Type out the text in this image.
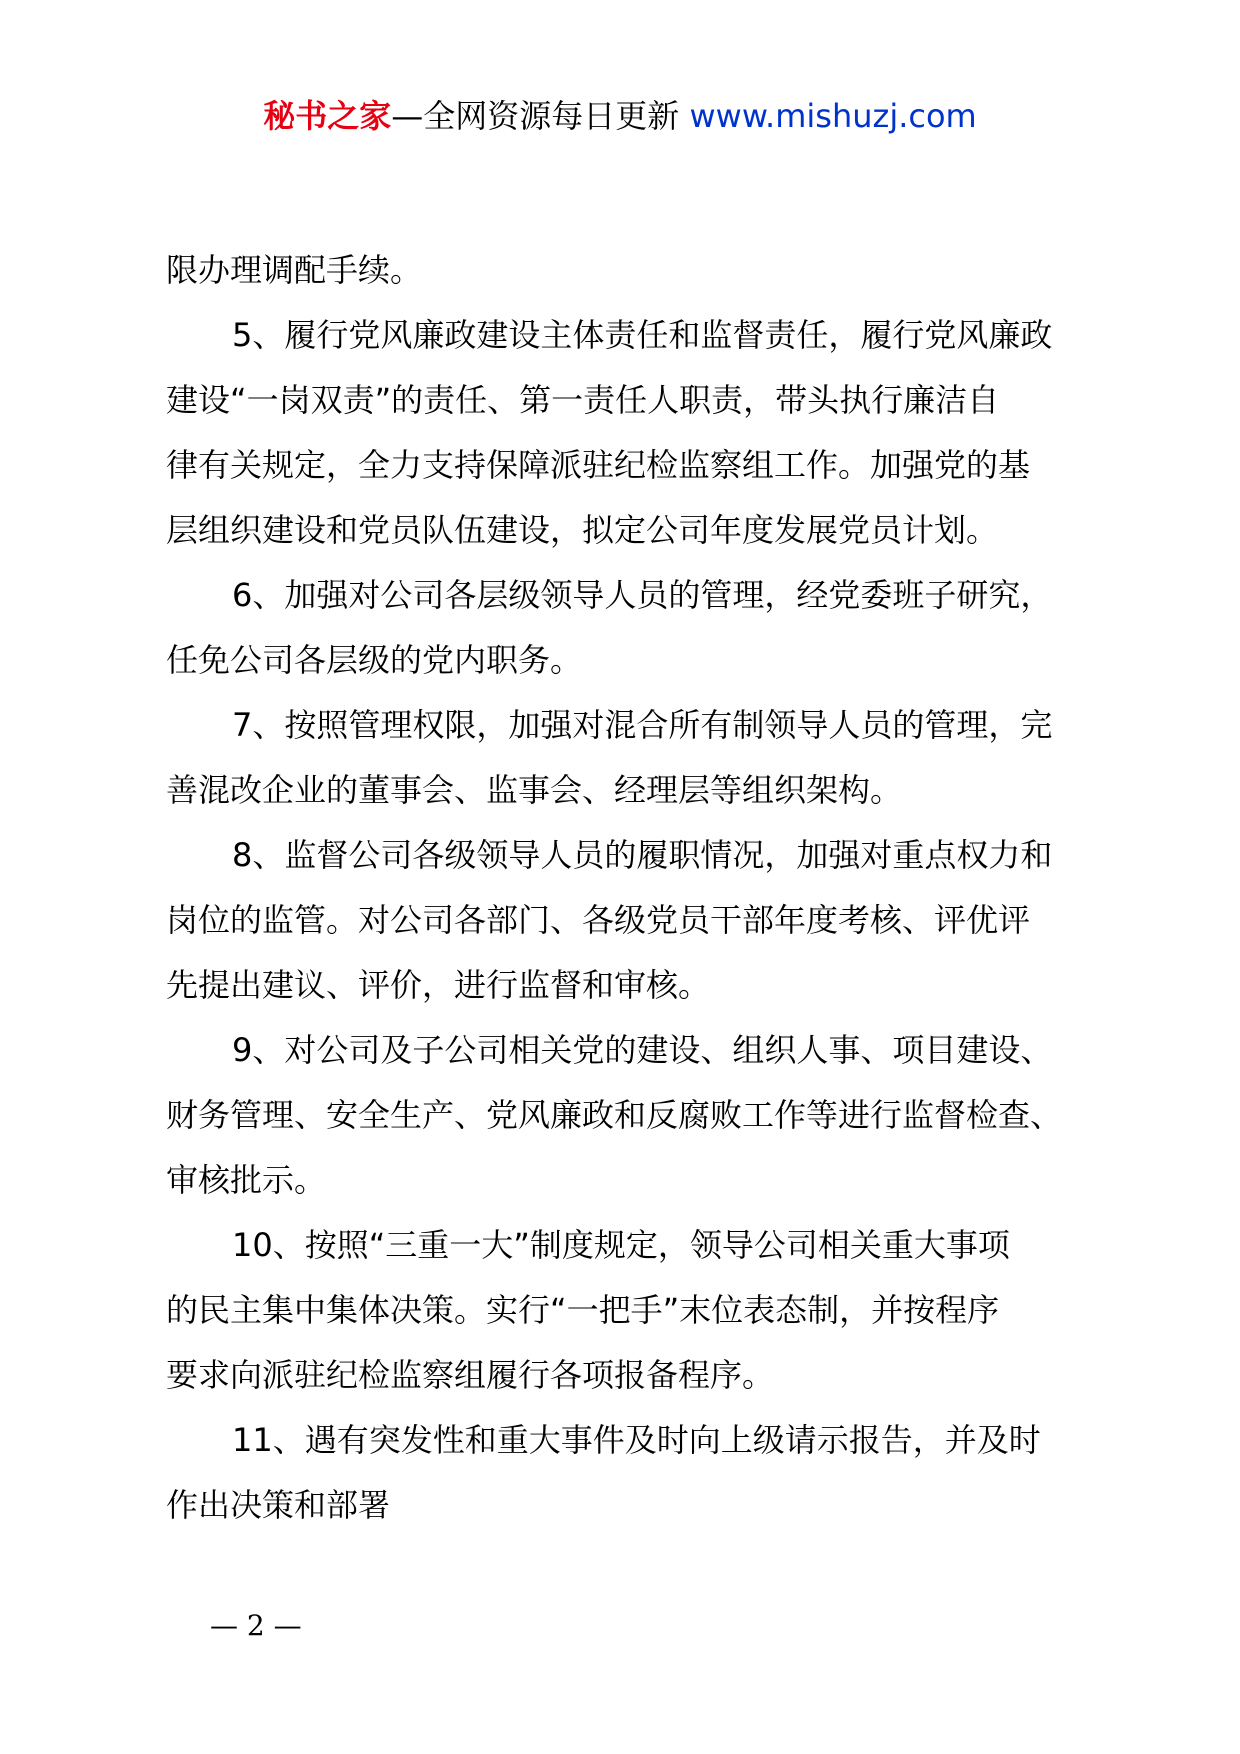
秘书之家—全网资源每日更新 www.mishuzj.com

限办理调配手续。

5、履行党风廉政建设主体责任和监督责任，履行党风廉政

建设“一岗双责”的责任、第一责任人职责，带头执行廉洁自

律有关规定，全力支持保障派驻纪检监察组工作。加强党的基

层组织建设和党员队伍建设，拟定公司年度发展党员计划。

6、加强对公司各层级领导人员的管理，经党委班子研究，

任免公司各层级的党内职务。

7、按照管理权限，加强对混合所有制领导人员的管理，完

善混改企业的董事会、监事会、经理层等组织架构。

8、监督公司各级领导人员的履职情况，加强对重点权力和

岗位的监管。对公司各部门、各级党员干部年度考核、评优评

先提出建议、评价，进行监督和审核。

9、对公司及子公司相关党的建设、组织人事、项目建设、

财务管理、安全生产、党风廉政和反腐败工作等进行监督检查、

审核批示。

10、按照“三重一大”制度规定，领导公司相关重大事项

的民主集中集体决策。实行“一把手”末位表态制，并按程序

要求向派驻纪检监察组履行各项报备程序。

11、遇有突发性和重大事件及时向上级请示报告，并及时

作出决策和部署

— 2 —
